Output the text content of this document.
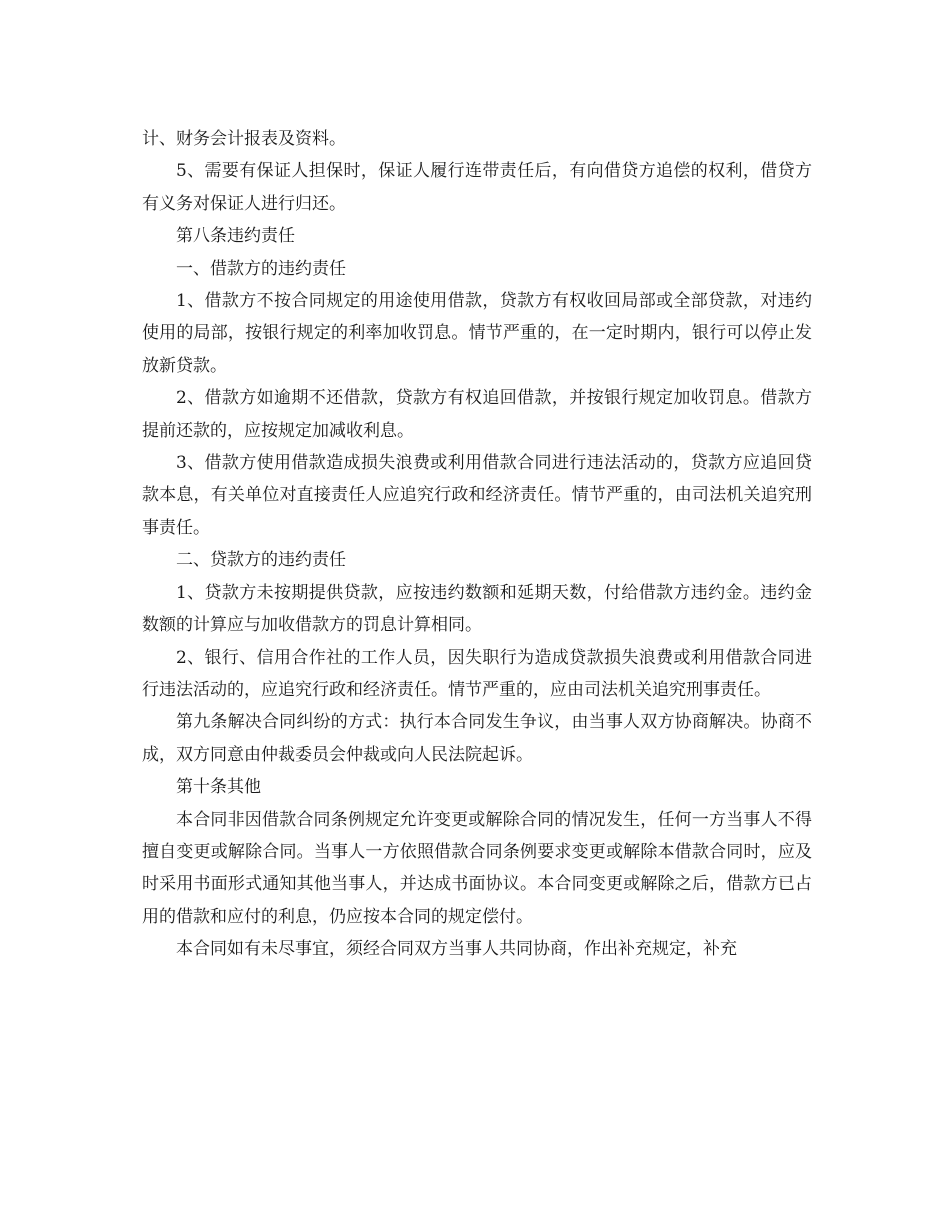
计、财务会计报表及资料。

5、需要有保证人担保时，保证人履行连带责任后，有向借贷方追偿的权利，借贷方有义务对保证人进行归还。

第八条违约责任

一、借款方的违约责任

1、借款方不按合同规定的用途使用借款，贷款方有权收回局部或全部贷款，对违约使用的局部，按银行规定的利率加收罚息。情节严重的，在一定时期内，银行可以停止发放新贷款。

2、借款方如逾期不还借款，贷款方有权追回借款，并按银行规定加收罚息。借款方提前还款的，应按规定加减收利息。

3、借款方使用借款造成损失浪费或利用借款合同进行违法活动的，贷款方应追回贷款本息，有关单位对直接责任人应追究行政和经济责任。情节严重的，由司法机关追究刑事责任。

二、贷款方的违约责任

1、贷款方未按期提供贷款，应按违约数额和延期天数，付给借款方违约金。违约金数额的计算应与加收借款方的罚息计算相同。

2、银行、信用合作社的工作人员，因失职行为造成贷款损失浪费或利用借款合同进行违法活动的，应追究行政和经济责任。情节严重的，应由司法机关追究刑事责任。

第九条解决合同纠纷的方式：执行本合同发生争议，由当事人双方协商解决。协商不成，双方同意由仲裁委员会仲裁或向人民法院起诉。

第十条其他

本合同非因借款合同条例规定允许变更或解除合同的情况发生，任何一方当事人不得擅自变更或解除合同。当事人一方依照借款合同条例要求变更或解除本借款合同时，应及时采用书面形式通知其他当事人，并达成书面协议。本合同变更或解除之后，借款方已占用的借款和应付的利息，仍应按本合同的规定偿付。

本合同如有未尽事宜，须经合同双方当事人共同协商，作出补充规定，补充
